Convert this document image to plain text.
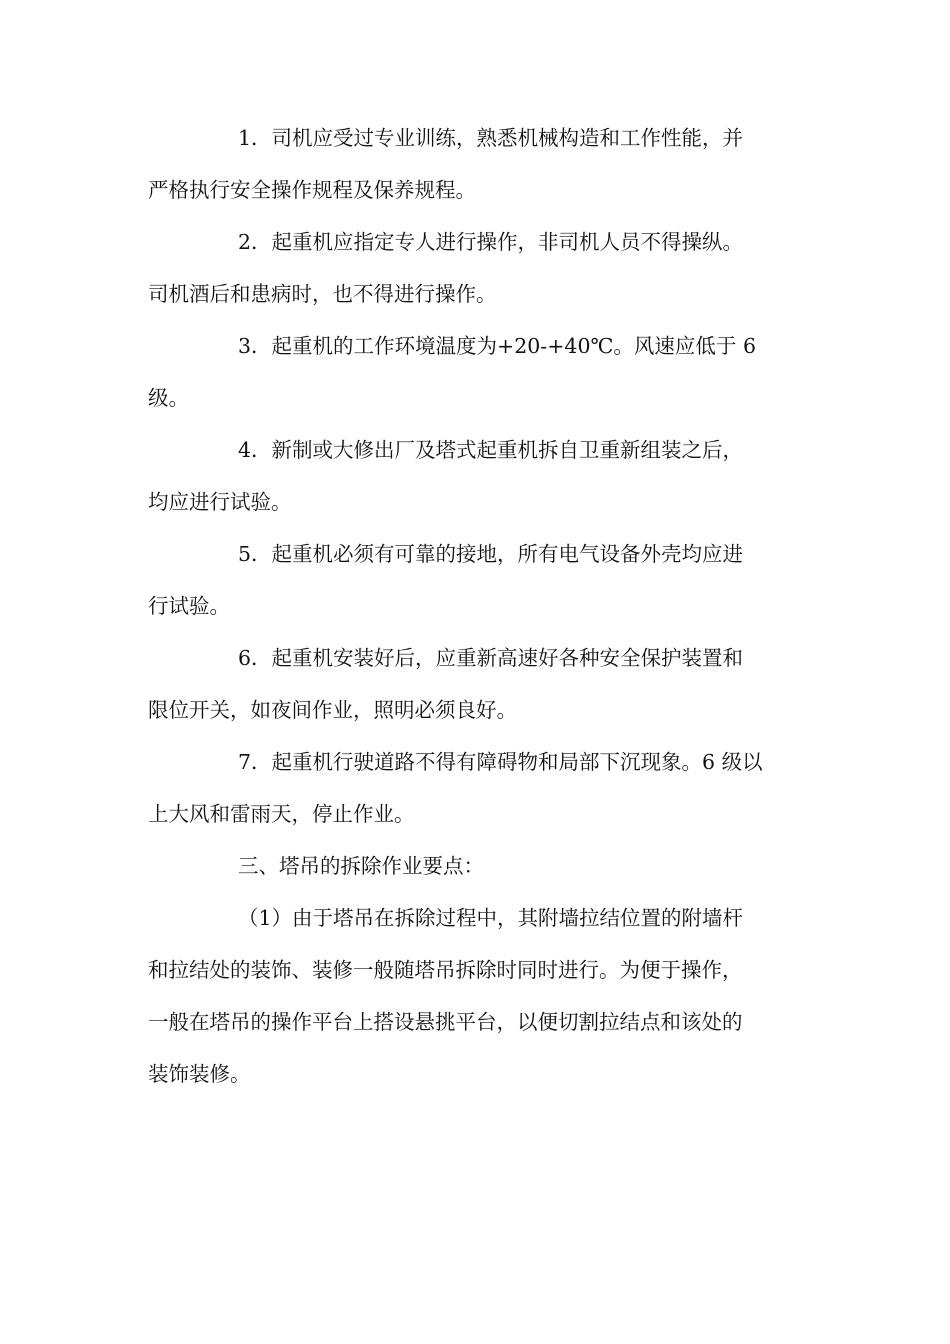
1．司机应受过专业训练，熟悉机械构造和工作性能，并
严格执行安全操作规程及保养规程。

2．起重机应指定专人进行操作，非司机人员不得操纵。
司机酒后和患病时，也不得进行操作。

3．起重机的工作环境温度为+20-+40℃。风速应低于 6
级。

4．新制或大修出厂及塔式起重机拆自卫重新组装之后，
均应进行试验。

5．起重机必须有可靠的接地，所有电气设备外壳均应进
行试验。

6．起重机安装好后，应重新高速好各种安全保护装置和
限位开关，如夜间作业，照明必须良好。

7．起重机行驶道路不得有障碍物和局部下沉现象。6 级以
上大风和雷雨天，停止作业。

三、塔吊的拆除作业要点：

（1）由于塔吊在拆除过程中，其附墙拉结位置的附墙杆
和拉结处的装饰、装修一般随塔吊拆除时同时进行。为便于操作，
一般在塔吊的操作平台上搭设悬挑平台，以便切割拉结点和该处的
装饰装修。
